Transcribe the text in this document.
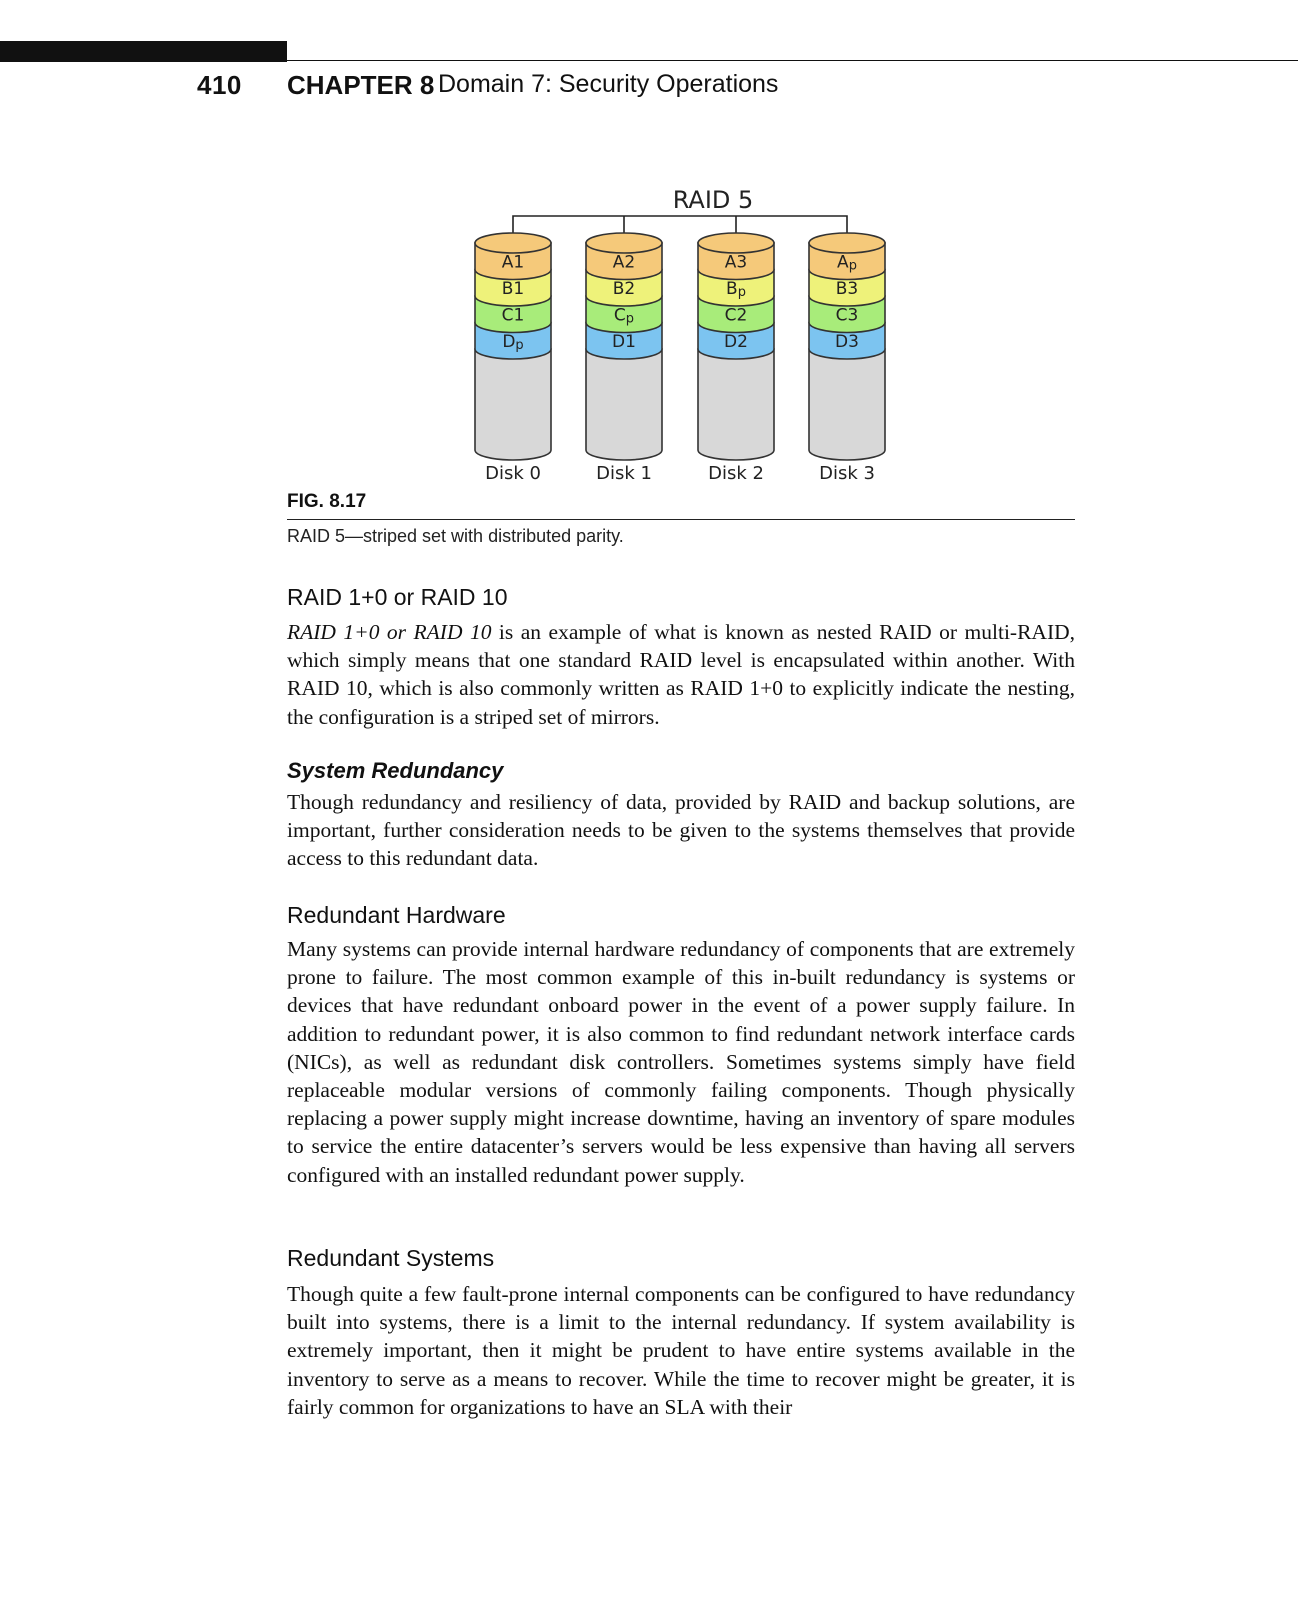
410 CHAPTER 8 Domain 7: Security Operations
RAID 5
A1
B1
C1
Dp
Disk 0
A2
B2
Cp
D1
Disk 1
A3
Bp
C2
D2
Disk 2
Ap
B3
C3
D3
Disk 3
FIG. 8.17
RAID 5—striped set with distributed parity.
RAID 1+0 or RAID 10
RAID 1+0 or RAID 10 is an example of what is known as nested RAID or multi-RAID, which simply means that one standard RAID level is encapsulated within another. With RAID 10, which is also commonly written as RAID 1+0 to explicitly indicate the nesting, the configuration is a striped set of mirrors.
System Redundancy
Though redundancy and resiliency of data, provided by RAID and backup solutions, are important, further consideration needs to be given to the systems themselves that provide access to this redundant data.
Redundant Hardware
Many systems can provide internal hardware redundancy of components that are extremely prone to failure. The most common example of this in-built redundancy is systems or devices that have redundant onboard power in the event of a power supply failure. In addition to redundant power, it is also common to find redundant network interface cards (NICs), as well as redundant disk controllers. Sometimes systems simply have field replaceable modular versions of commonly failing components. Though physically replacing a power supply might increase downtime, having an inventory of spare modules to service the entire datacenter’s servers would be less expensive than having all servers configured with an installed redundant power supply.
Redundant Systems
Though quite a few fault-prone internal components can be configured to have redundancy built into systems, there is a limit to the internal redundancy. If system availability is extremely important, then it might be prudent to have entire systems available in the inventory to serve as a means to recover. While the time to recover might be greater, it is fairly common for organizations to have an SLA with their
